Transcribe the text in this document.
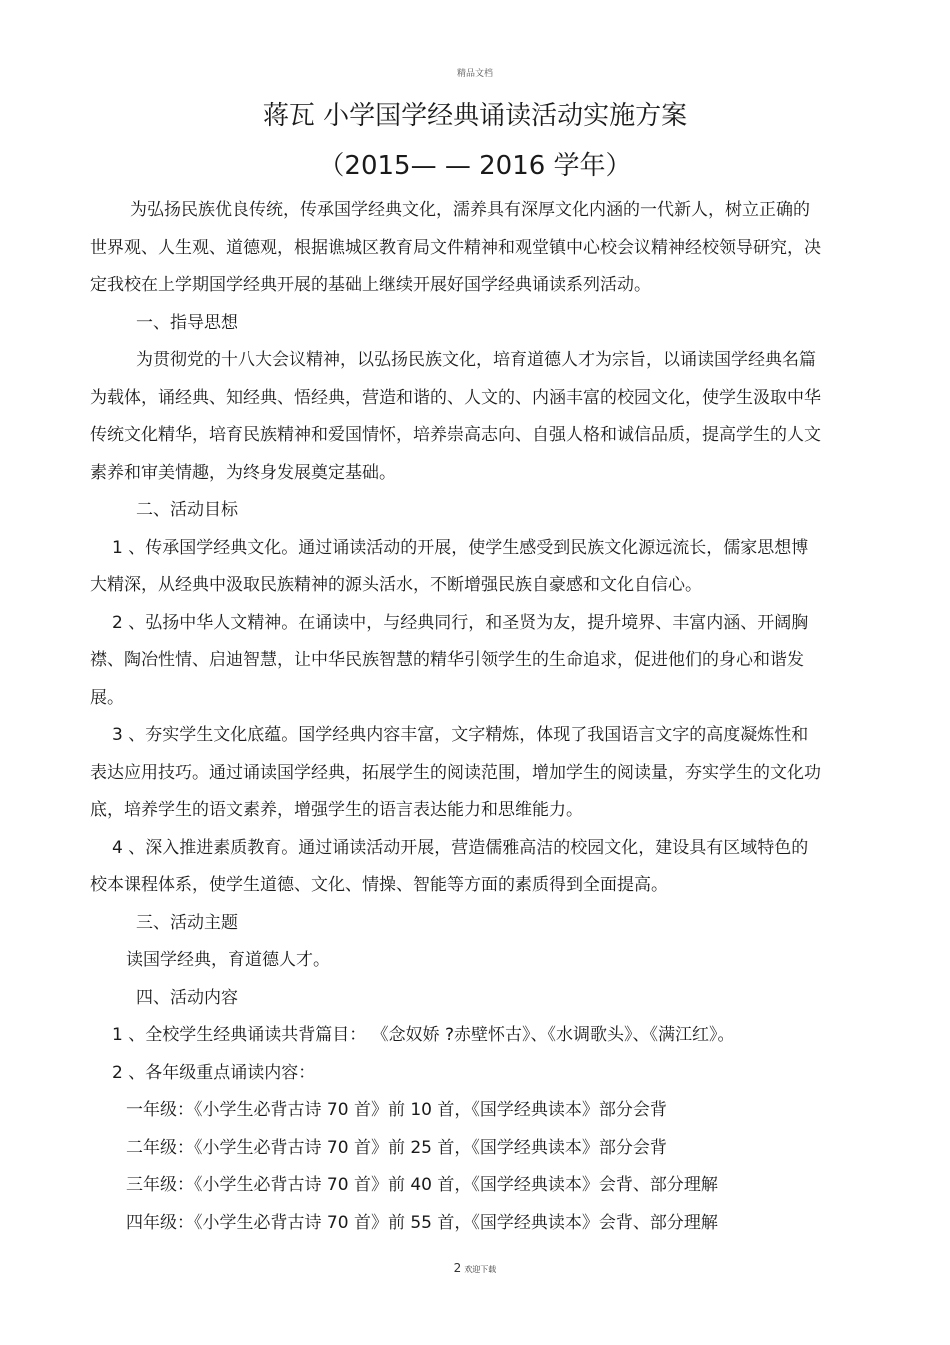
精品文档
蒋瓦 小学国学经典诵读活动实施方案
（2015— — 2016 学年）

为弘扬民族优良传统，传承国学经典文化，濡养具有深厚文化内涵的一代新人，树立正确的世界观、人生观、道德观，根据谯城区教育局文件精神和观堂镇中心校会议精神经校领导研究，决定我校在上学期国学经典开展的基础上继续开展好国学经典诵读系列活动。

一、指导思想

为贯彻党的十八大会议精神，以弘扬民族文化，培育道德人才为宗旨，以诵读国学经典名篇为载体，诵经典、知经典、悟经典，营造和谐的、人文的、内涵丰富的校园文化，使学生汲取中华传统文化精华，培育民族精神和爱国情怀，培养崇高志向、自强人格和诚信品质，提高学生的人文素养和审美情趣，为终身发展奠定基础。

二、活动目标

1 、传承国学经典文化。通过诵读活动的开展，使学生感受到民族文化源远流长，儒家思想博大精深，从经典中汲取民族精神的源头活水，不断增强民族自豪感和文化自信心。

2 、弘扬中华人文精神。在诵读中，与经典同行，和圣贤为友，提升境界、丰富内涵、开阔胸襟、陶冶性情、启迪智慧，让中华民族智慧的精华引领学生的生命追求，促进他们的身心和谐发展。

3 、夯实学生文化底蕴。国学经典内容丰富，文字精炼，体现了我国语言文字的高度凝炼性和表达应用技巧。通过诵读国学经典，拓展学生的阅读范围，增加学生的阅读量，夯实学生的文化功底，培养学生的语文素养，增强学生的语言表达能力和思维能力。

4 、深入推进素质教育。通过诵读活动开展，营造儒雅高洁的校园文化，建设具有区域特色的校本课程体系，使学生道德、文化、情操、智能等方面的素质得到全面提高。

三、活动主题

读国学经典，育道德人才。

四、活动内容

1 、全校学生经典诵读共背篇目： 《念奴娇 ?赤壁怀古》、《水调歌头》、《满江红》。

2 、各年级重点诵读内容：

一年级：《小学生必背古诗 70 首》前 10 首，《国学经典读本》部分会背

二年级：《小学生必背古诗 70 首》前 25 首，《国学经典读本》部分会背

三年级：《小学生必背古诗 70 首》前 40 首，《国学经典读本》会背、部分理解

四年级：《小学生必背古诗 70 首》前 55 首，《国学经典读本》会背、部分理解

2 欢迎下载
